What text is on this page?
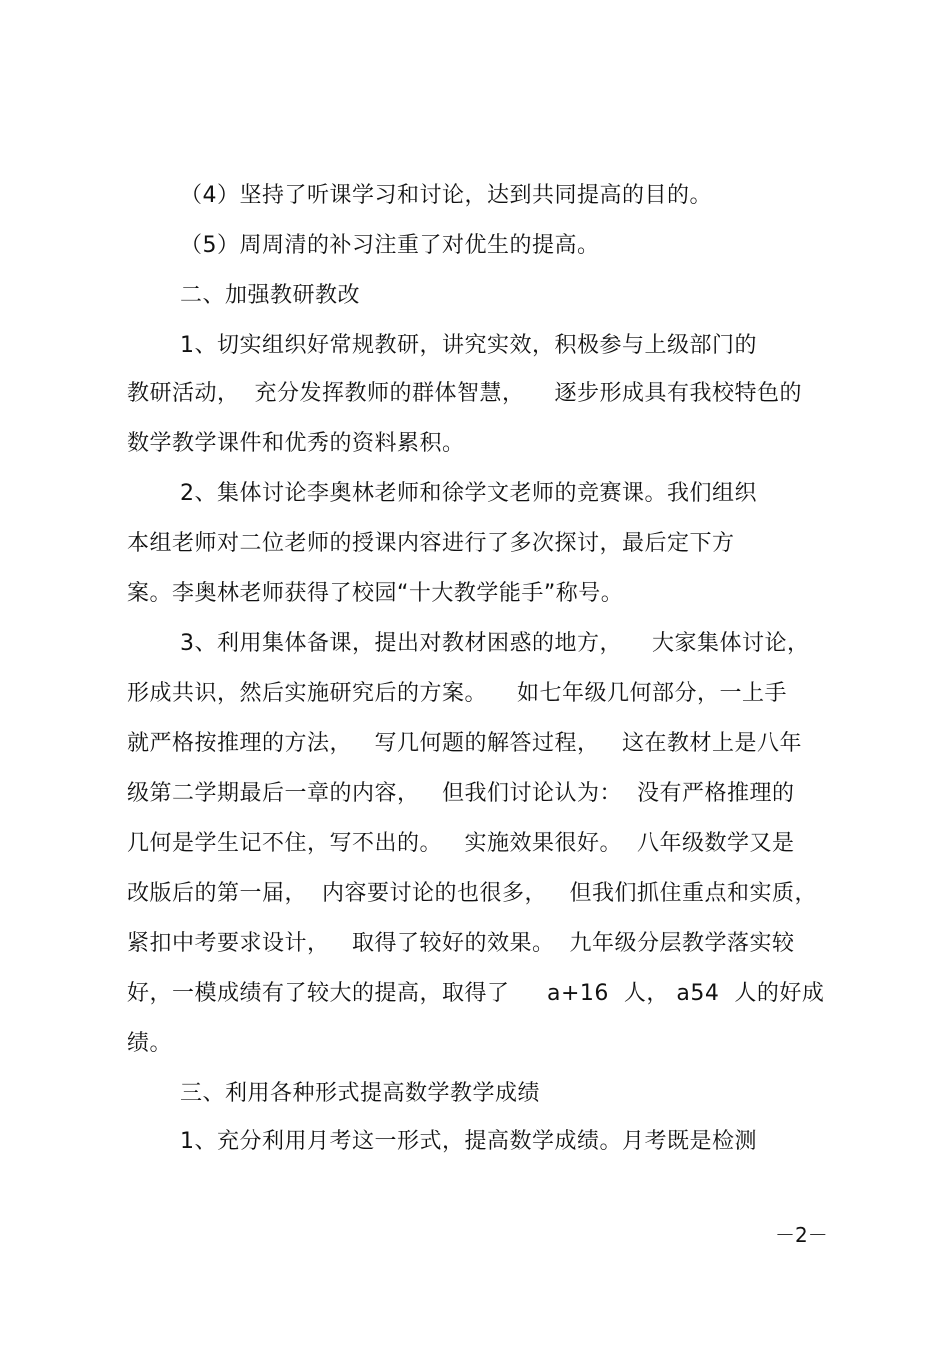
（4）坚持了听课学习和讨论，达到共同提高的目的。
（5）周周清的补习注重了对优生的提高。
二、加强教研教改
1、切实组织好常规教研，讲究实效，积极参与上级部门的
教研活动，  充分发挥教师的群体智慧，    逐步形成具有我校特色的
数学教学课件和优秀的资料累积。
2、集体讨论李奥林老师和徐学文老师的竞赛课。我们组织
本组老师对二位老师的授课内容进行了多次探讨，最后定下方
案。李奥林老师获得了校园“十大教学能手”称号。
3、利用集体备课，提出对教材困惑的地方，    大家集体讨论，
形成共识，然后实施研究后的方案。    如七年级几何部分，一上手
就严格按推理的方法，   写几何题的解答过程，   这在教材上是八年
级第二学期最后一章的内容，   但我们讨论认为：  没有严格推理的
几何是学生记不住，写不出的。   实施效果很好。  八年级数学又是
改版后的第一届，  内容要讨论的也很多，   但我们抓住重点和实质，
紧扣中考要求设计，   取得了较好的效果。  九年级分层教学落实较
好，一模成绩有了较大的提高，取得了     a+16  人， a54  人的好成
绩。
三、利用各种形式提高数学教学成绩
1、充分利用月考这一形式，提高数学成绩。月考既是检测
－2－
